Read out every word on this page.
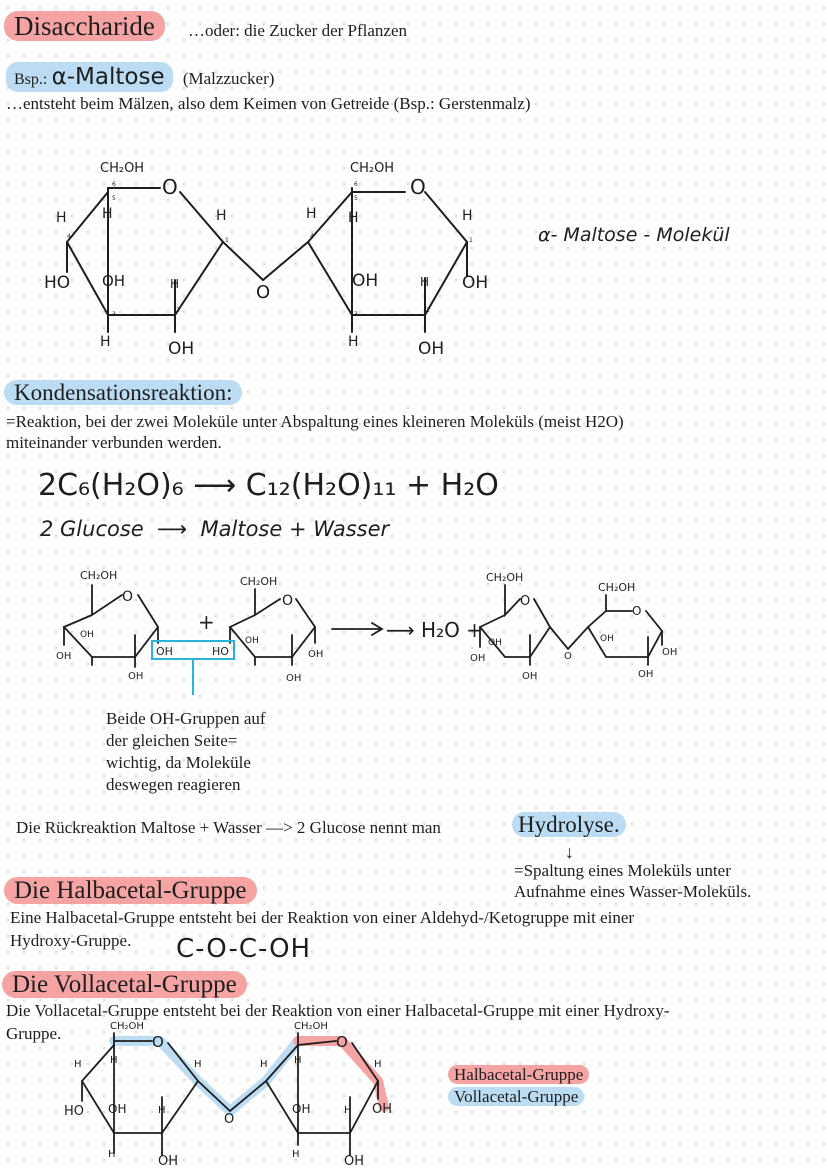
Disaccharide	…oder: die Zucker der Pflanzen
Bsp.: α-Maltose (Malzzucker)
…entsteht beim Mälzen, also dem Keimen von Getreide (Bsp.: Gerstenmalz)
CH₂OH	CH₂OH
O	O
O
H	H	H	H H	H
HO OH	H	OH	H OH
H	OH	H	OH
6
3
2
1
4
5
6
3
2
1
4
5
α- Maltose - Molekül
Kondensationsreaktion:
=Reaktion, bei der zwei Moleküle unter Abspaltung eines kleineren Moleküls (meist H2O)
miteinander verbunden werden.
2C₆(H₂O)₆ ⟶ C₁₂(H₂O)₁₁ + H₂O
2 Glucose  ⟶  Maltose + Wasser
CH₂OH
O
OH
OH
OH
OH	HO
+
CH₂OH
O
OH
OH
OH
⟶ H₂O +
CH₂OH
O
OH
OH
OH
O
CH₂OH
O
OH
OH
OH
Beide OH-Gruppen auf
der gleichen Seite=
wichtig, da Moleküle
deswegen reagieren
Die Rückreaktion Maltose + Wasser —> 2 Glucose nennt man	Hydrolyse.
↓
=Spaltung eines Moleküls unter
Aufnahme eines Wasser-Moleküls.
Die Halbacetal-Gruppe
Eine Halbacetal-Gruppe entsteht bei der Reaktion von einer Aldehyd-/Ketogruppe mit einer
Hydroxy-Gruppe. C-O-C-OH
Die Vollacetal-Gruppe
Die Vollacetal-Gruppe entsteht bei der Reaktion von einer Halbacetal-Gruppe mit einer Hydroxy-
Gruppe.	CH₂OH	CH₂OH
O	O
O
H	H	H	H
H	H
HO OH	H	OH	H OH
H	OH	H	OH
Halbacetal-Gruppe
Vollacetal-Gruppe
